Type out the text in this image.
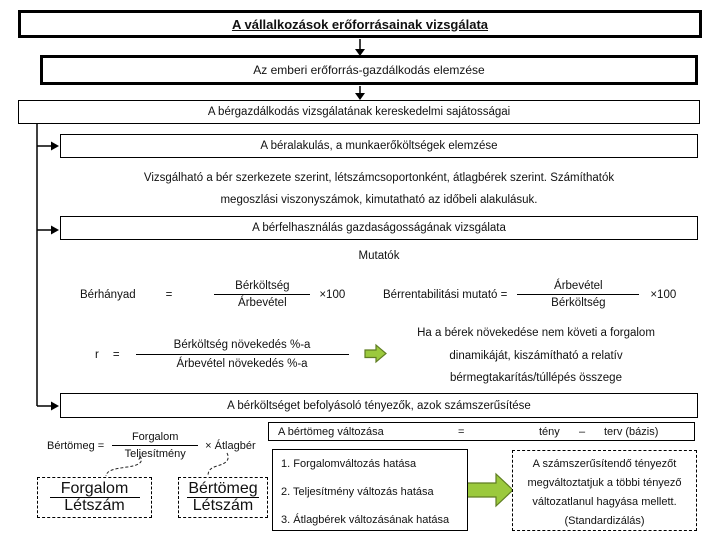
A vállalkozások erőforrásainak vizsgálata
Az emberi erőforrás-gazdálkodás elemzése
A bérgazdálkodás vizsgálatának kereskedelmi sajátosságai
A béralakulás, a munkaerőköltségek elemzése
Vizsgálható a bér szerkezete szerint, létszámcsoportonként, átlagbérek szerint. Számíthatók
megoszlási viszonyszámok, kimutatható az időbeli alakulásuk.
A bérfelhasználás gazdaságosságának vizsgálata
Mutatók
Bérhányad	=	$\frac{\text{Bérköltség}}{\text{Árbevétel}} \times 100$	Bérrentabilitási mutató = $\frac{\text{Árbevétel}}{\text{Bérköltség}} \times 100$
$r = \frac{\text{Bérköltség növekedés \%-a}}{\text{Árbevétel növekedés \%-a}}$
Ha a bérek növekedése nem követi a forgalom
dinamikáját, kiszámítható a relatív
bérmegtakarítás/túllépés összege
A bérköltséget befolyásoló tényezők, azok számszerűsítése
Bértömeg = $\frac{\text{Forgalom}}{\text{Teljesítmény}}$ × Átlagbér
$\frac{\text{Forgalom}}{\text{Létszám}}$	$\frac{\text{Bértömeg}}{\text{Létszám}}$
A bértömeg változása	=	tény – terv (bázis)
1. Forgalomváltozás hatása
2. Teljesítmény változás hatása
3. Átlagbérek változásának hatása
A számszerűsítendő tényezőt
megváltoztatjuk a többi tényező
változatlanul hagyása mellett.
(Standardizálás)
